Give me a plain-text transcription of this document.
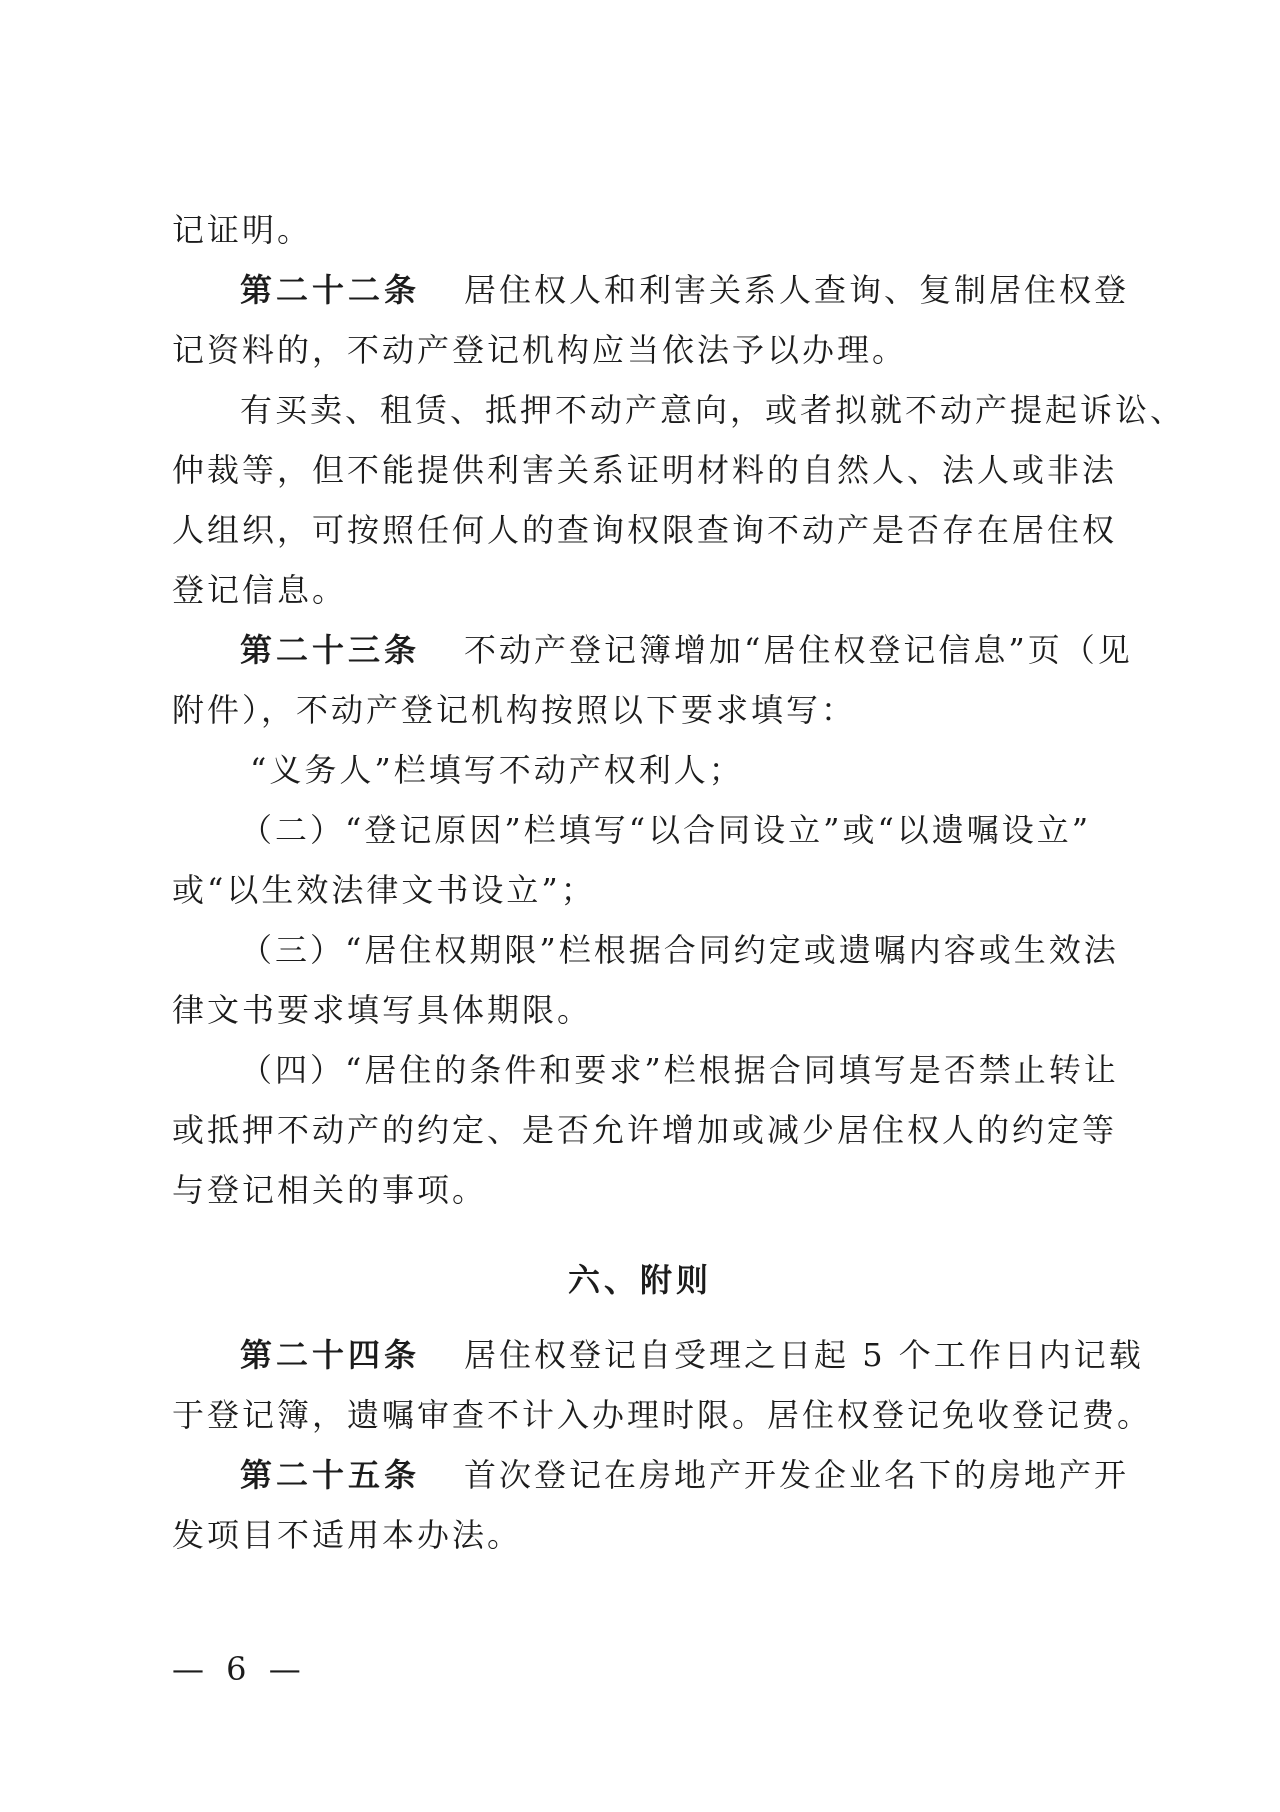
记证明。
第二十二条 居住权人和利害关系人查询、复制居住权登
记资料的，不动产登记机构应当依法予以办理。
有买卖、租赁、抵押不动产意向，或者拟就不动产提起诉讼、
仲裁等，但不能提供利害关系证明材料的自然人、法人或非法
人组织，可按照任何人的查询权限查询不动产是否存在居住权
登记信息。
第二十三条 不动产登记簿增加“居住权登记信息”页（见
附件），不动产登记机构按照以下要求填写：
“义务人”栏填写不动产权利人；
（二）“登记原因”栏填写“以合同设立”或“以遗嘱设立”
或“以生效法律文书设立”；
（三）“居住权期限”栏根据合同约定或遗嘱内容或生效法
律文书要求填写具体期限。
（四）“居住的条件和要求”栏根据合同填写是否禁止转让
或抵押不动产的约定、是否允许增加或减少居住权人的约定等
与登记相关的事项。
六、附则
第二十四条 居住权登记自受理之日起 5 个工作日内记载
于登记簿，遗嘱审查不计入办理时限。居住权登记免收登记费。
第二十五条 首次登记在房地产开发企业名下的房地产开
发项目不适用本办法。
— 6 —
